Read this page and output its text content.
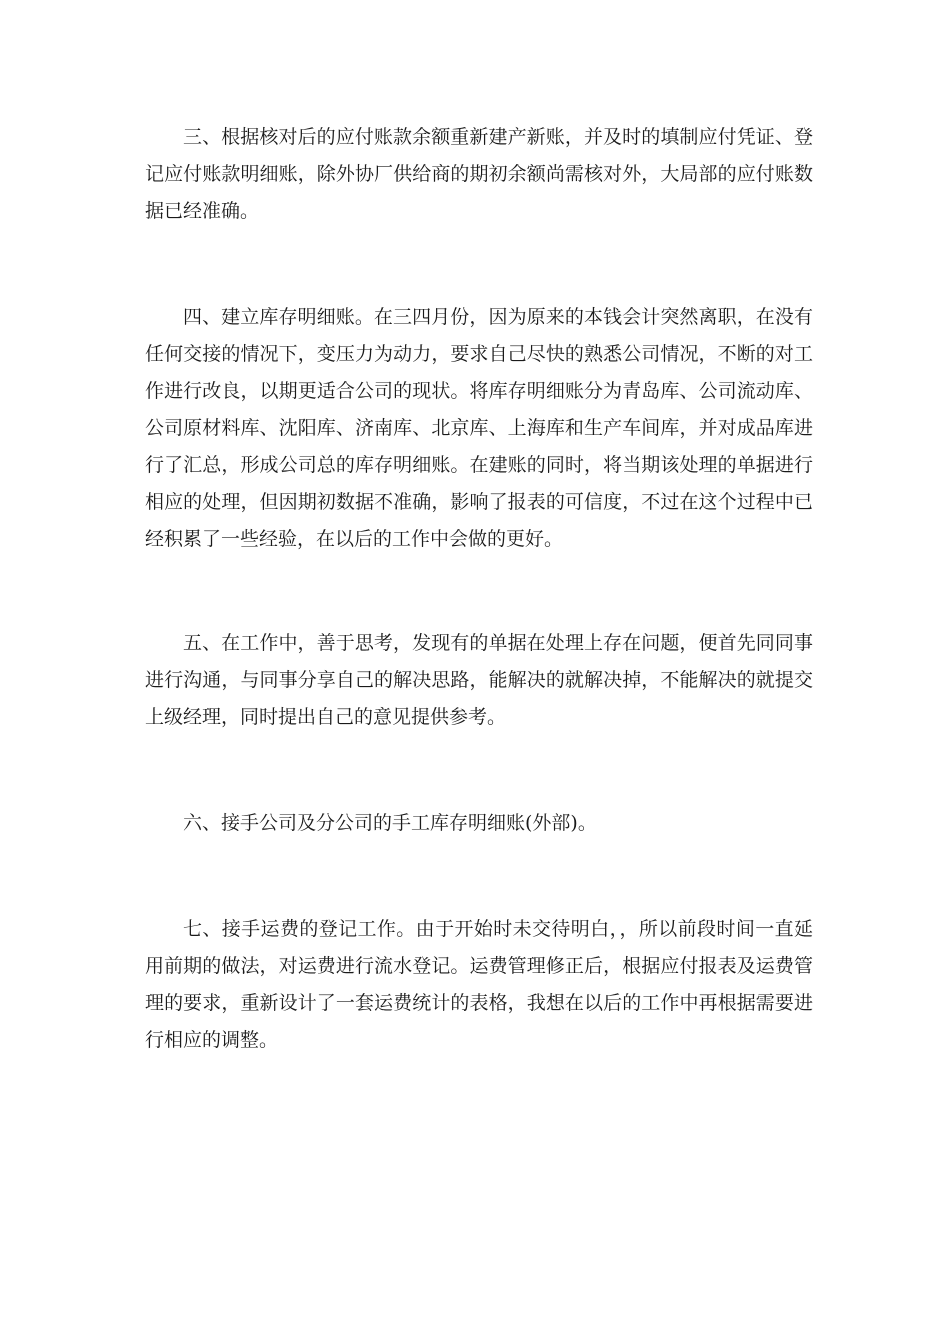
三、根据核对后的应付账款余额重新建产新账，并及时的填制应付凭证、登记应付账款明细账，除外协厂供给商的期初余额尚需核对外，大局部的应付账数据已经准确。

四、建立库存明细账。在三四月份，因为原来的本钱会计突然离职，在没有任何交接的情况下，变压力为动力，要求自己尽快的熟悉公司情况，不断的对工作进行改良，以期更适合公司的现状。将库存明细账分为青岛库、公司流动库、公司原材料库、沈阳库、济南库、北京库、上海库和生产车间库，并对成品库进行了汇总，形成公司总的库存明细账。在建账的同时，将当期该处理的单据进行相应的处理，但因期初数据不准确，影响了报表的可信度，不过在这个过程中已经积累了一些经验，在以后的工作中会做的更好。

五、在工作中，善于思考，发现有的单据在处理上存在问题，便首先同同事进行沟通，与同事分享自己的解决思路，能解决的就解决掉，不能解决的就提交上级经理，同时提出自己的意见提供参考。

六、接手公司及分公司的手工库存明细账(外部)。

七、接手运费的登记工作。由于开始时未交待明白，，所以前段时间一直延用前期的做法，对运费进行流水登记。运费管理修正后，根据应付报表及运费管理的要求，重新设计了一套运费统计的表格，我想在以后的工作中再根据需要进行相应的调整。
